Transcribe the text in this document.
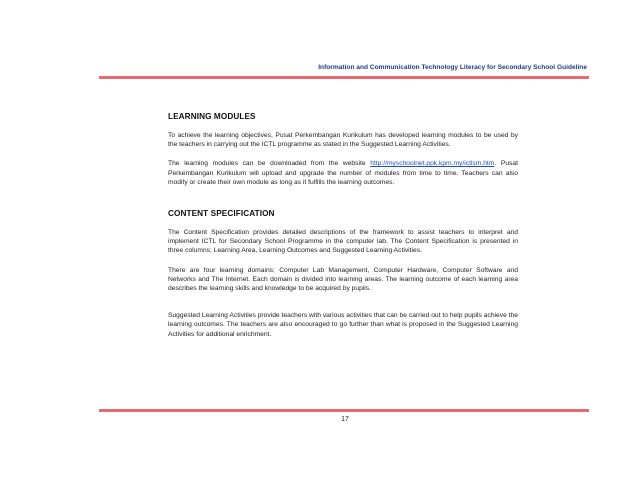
Information and Communication Technology Literacy for Secondary School Guideline
LEARNING MODULES

To achieve the learning objectives, Pusat Perkembangan Kurikulum has developed learning modules to be used by the teachers in carrying out the ICTL programme as stated in the Suggested Learning Activities.

The learning modules can be downloaded from the website http://myschoolnet.ppk.kpm.my/ictlsm.htm. Pusat Perkembangan Kurikulum will upload and upgrade the number of modules from time to time. Teachers can also modify or create their own module as long as it fulfills the learning outcomes.

CONTENT SPECIFICATION

The Content Specification provides detailed descriptions of the framework to assist teachers to interpret and implement ICTL for Secondary School Programme in the computer lab. The Content Specification is presented in three columns; Learning Area, Learning Outcomes and Suggested Learning Activities.

There are four learning domains; Computer Lab Management, Computer Hardware, Computer Software and Networks and The Internet. Each domain is divided into learning areas. The learning outcome of each learning area describes the learning skills and knowledge to be acquired by pupils.

Suggested Learning Activities provide teachers with various activities that can be carried out to help pupils achieve the learning outcomes. The teachers are also encouraged to go further than what is proposed in the Suggested Learning Activities for additional enrichment.

17
